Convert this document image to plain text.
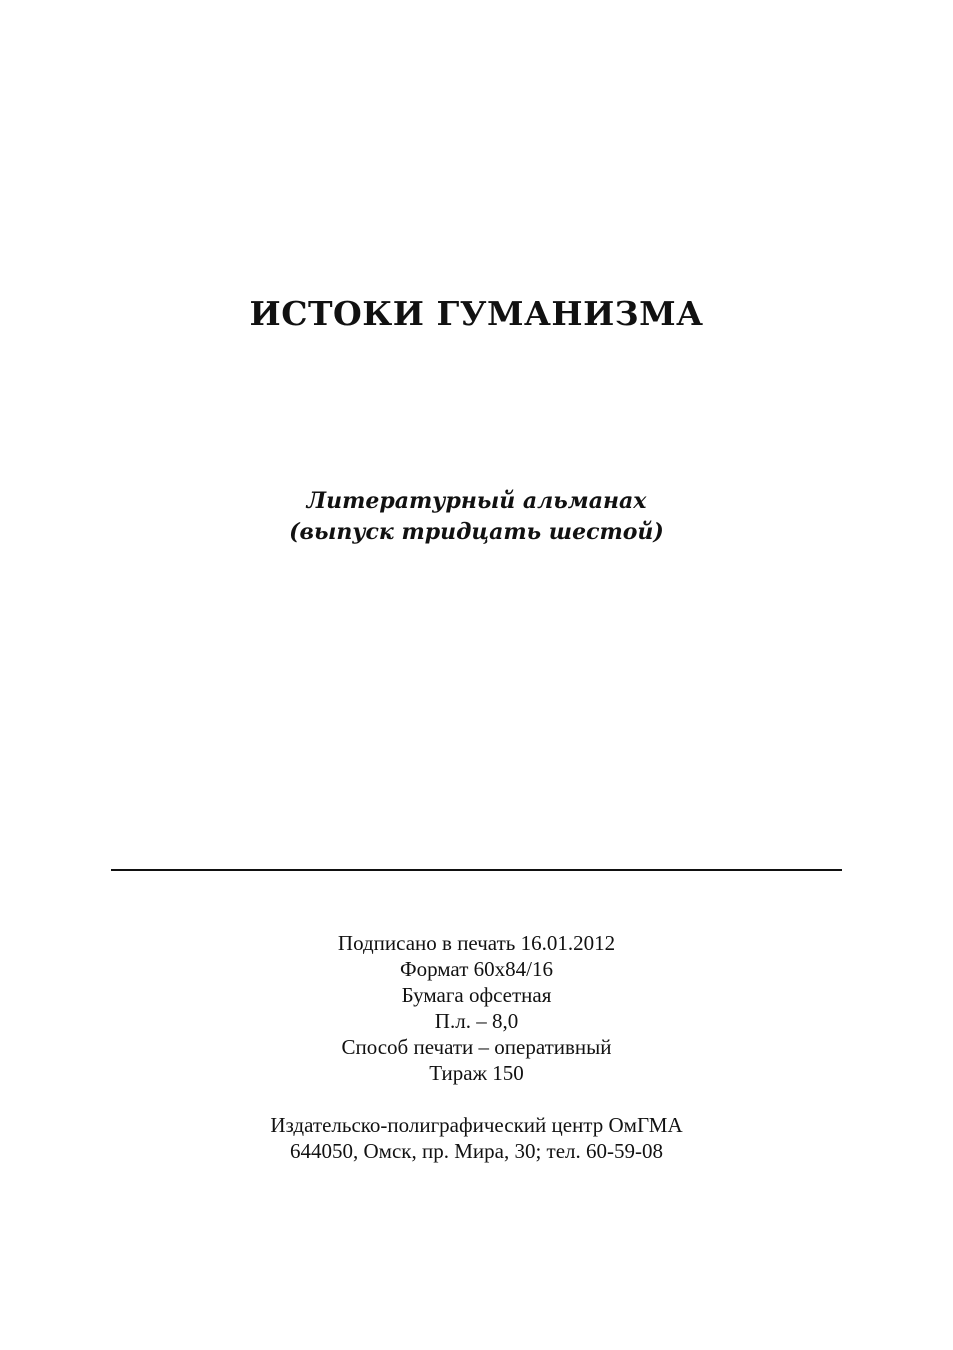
ИСТОКИ ГУМАНИЗМА
Литературный альманах
(выпуск тридцать шестой)
Подписано в печать 16.01.2012
Формат 60x84/16
Бумага офсетная
П.л. – 8,0
Способ печати – оперативный
Тираж 150
Издательско-полиграфический центр ОмГМА
644050, Омск, пр. Мира, 30; тел. 60-59-08
